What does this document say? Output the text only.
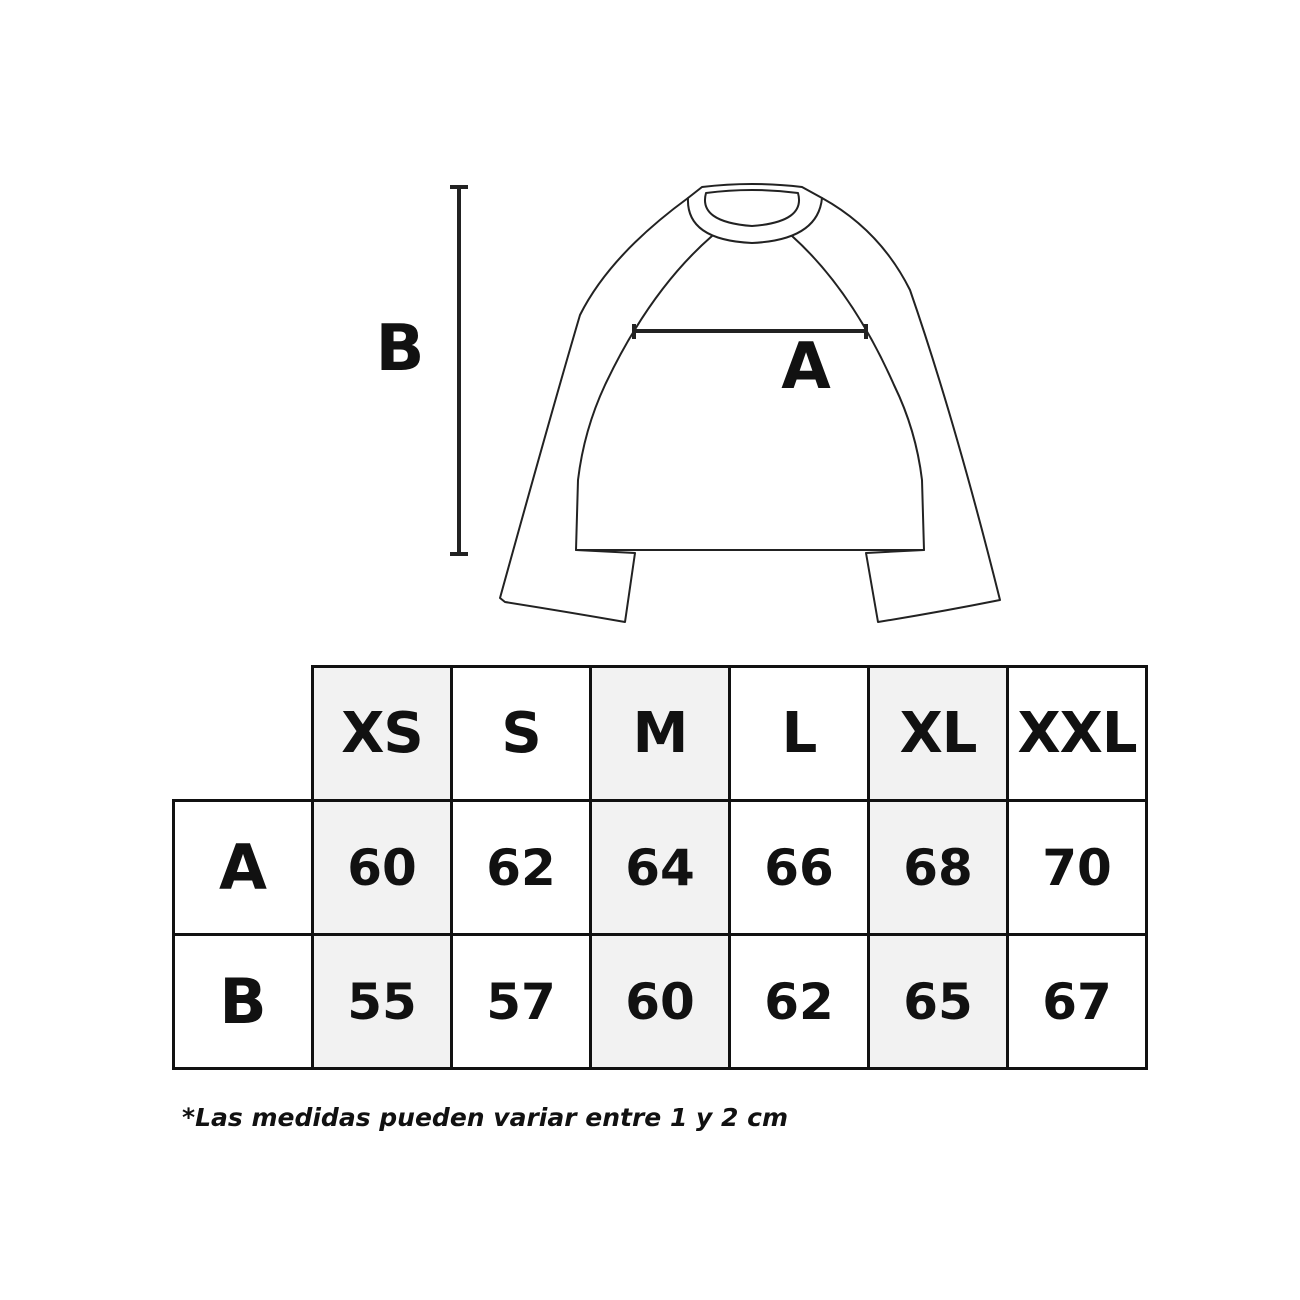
B	A
	XS	S	M	L	XL	XXL
A	60	62	64	66	68	70
B	55	57	60	62	65	67

*Las medidas pueden variar entre 1 y 2 cm
